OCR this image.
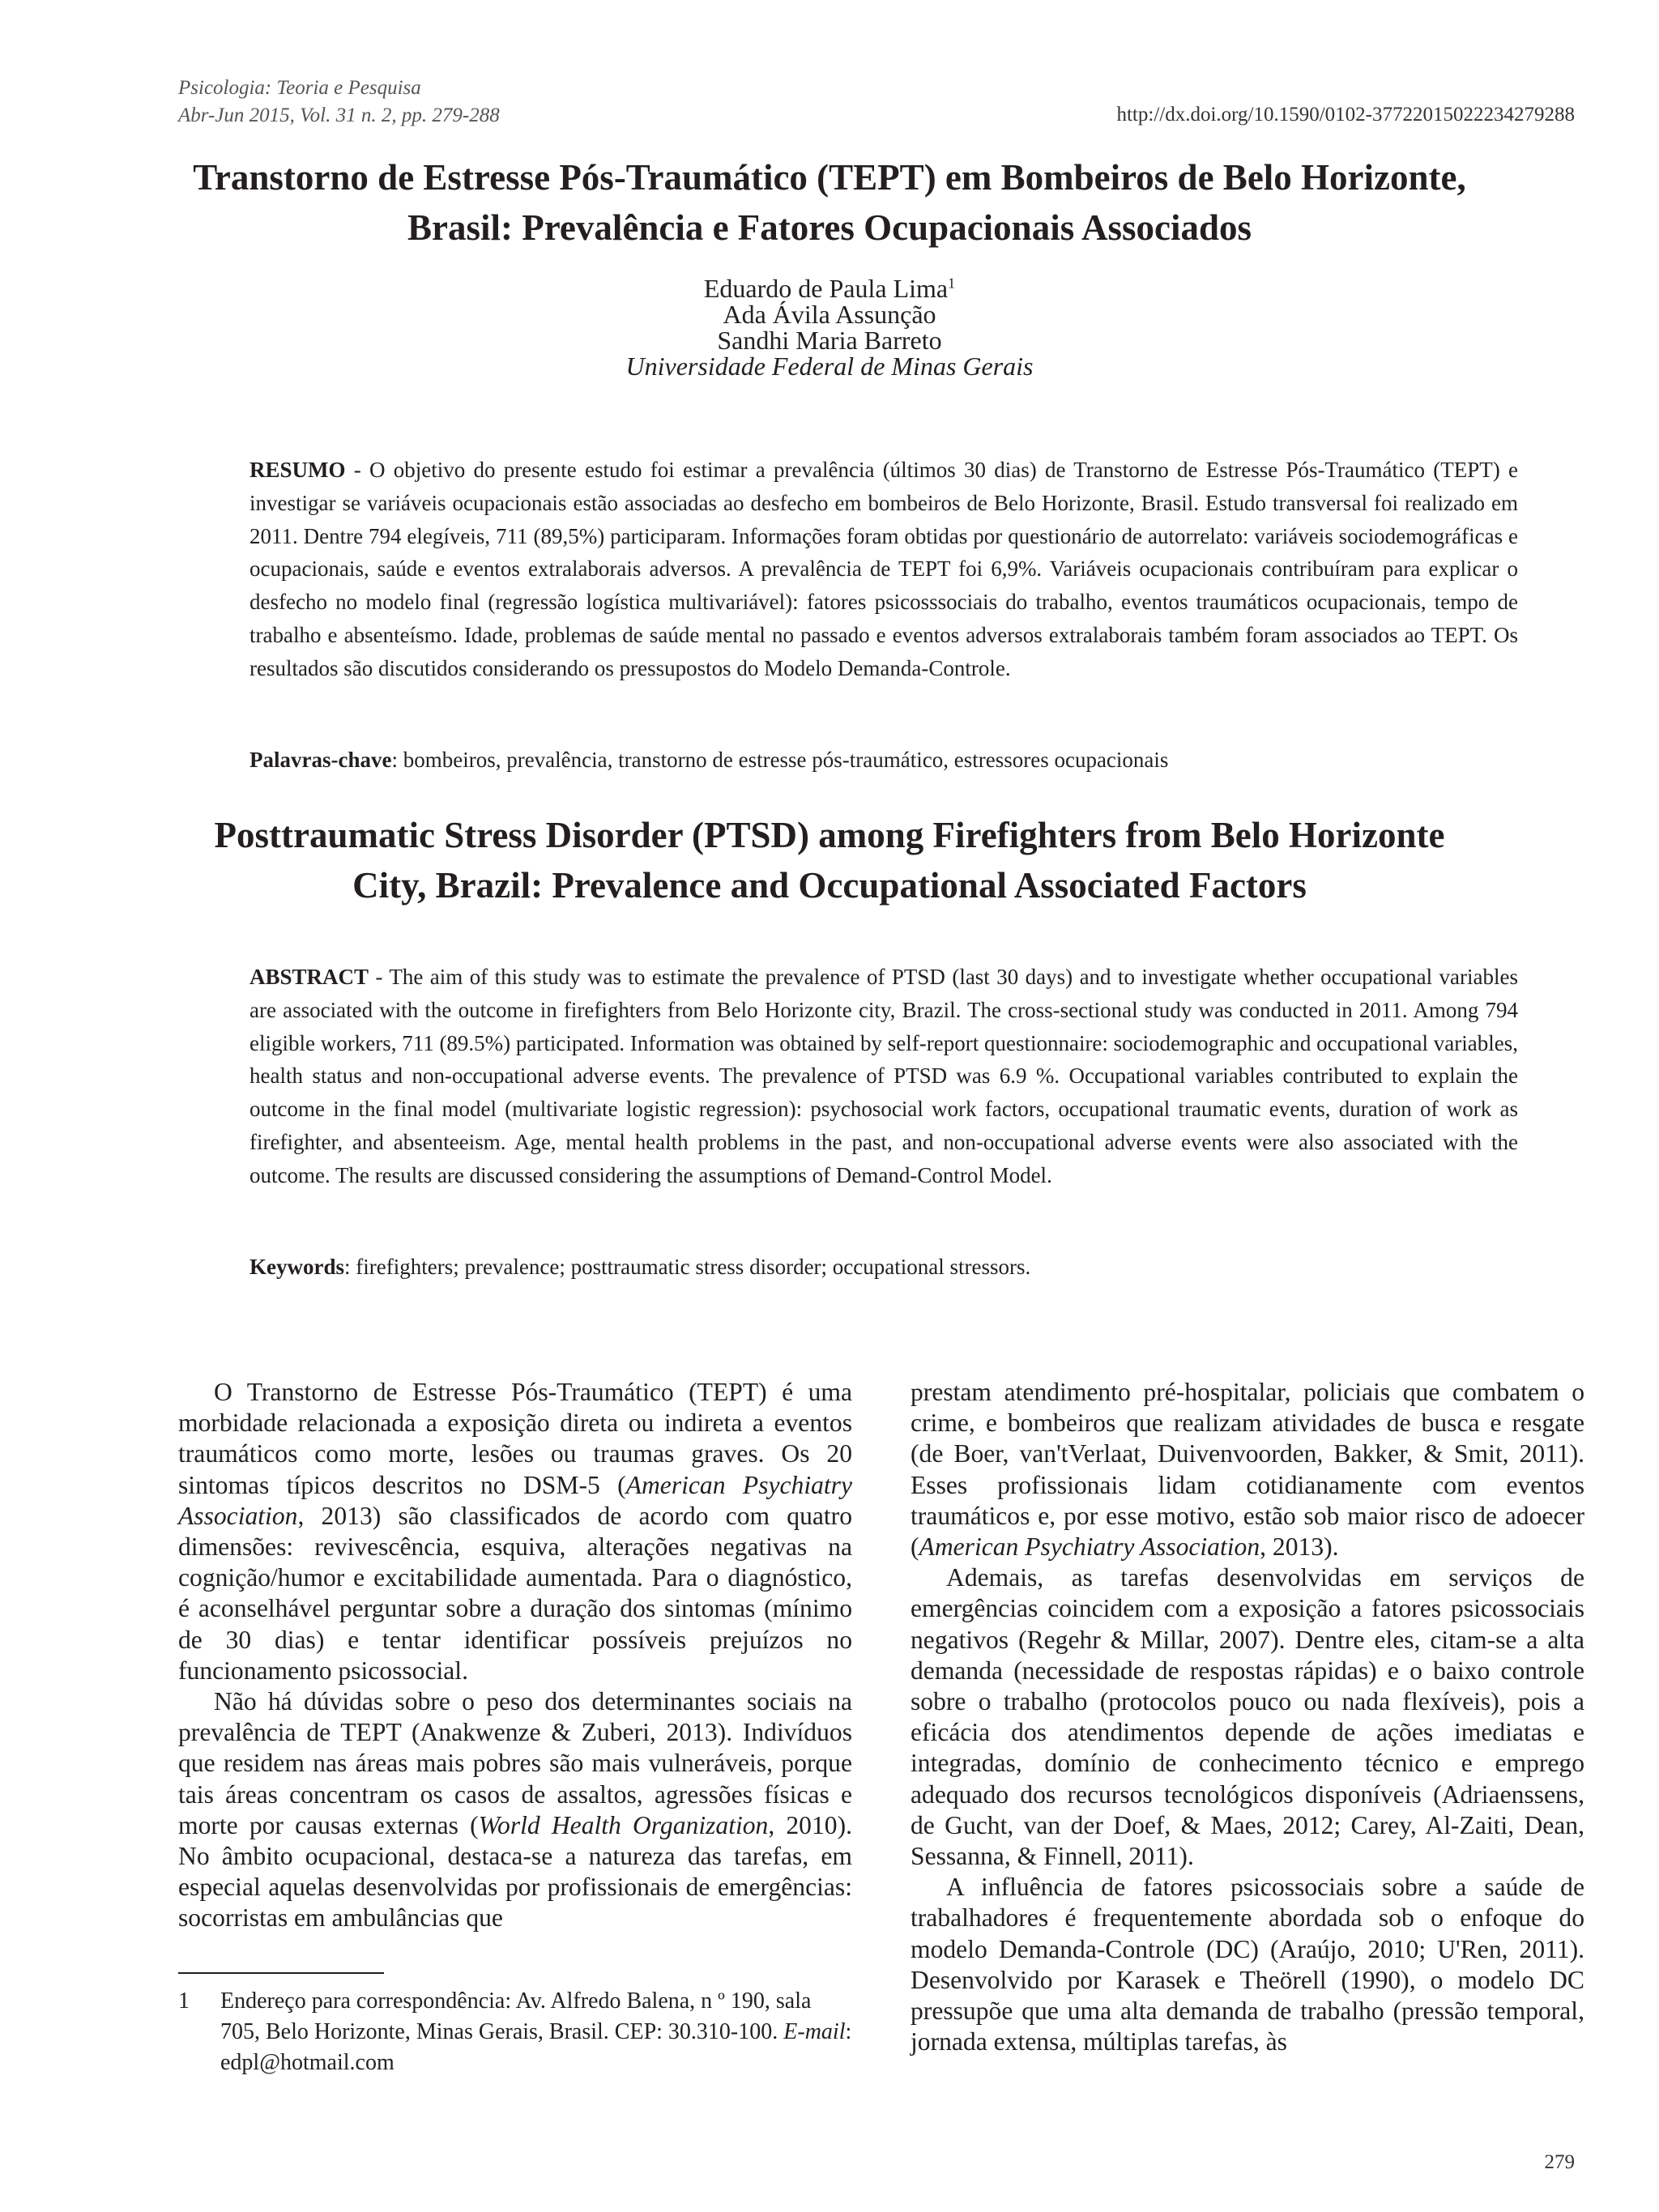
Psicologia: Teoria e Pesquisa
Abr-Jun 2015, Vol. 31 n. 2, pp. 279-288	http://dx.doi.org/10.1590/0102-37722015022234279288
Transtorno de Estresse Pós-Traumático (TEPT) em Bombeiros de Belo Horizonte,
Brasil: Prevalência e Fatores Ocupacionais Associados
Eduardo de Paula Lima$^1$
Ada Ávila Assunção
Sandhi Maria Barreto
Universidade Federal de Minas Gerais
RESUMO - O objetivo do presente estudo foi estimar a prevalência (últimos 30 dias) de Transtorno de Estresse Pós-Traumático (TEPT) e investigar se variáveis ocupacionais estão associadas ao desfecho em bombeiros de Belo Horizonte, Brasil. Estudo transversal foi realizado em 2011. Dentre 794 elegíveis, 711 (89,5%) participaram. Informações foram obtidas por questionário de autorrelato: variáveis sociodemográficas e ocupacionais, saúde e eventos extralaborais adversos. A prevalência de TEPT foi 6,9%. Variáveis ocupacionais contribuíram para explicar o desfecho no modelo final (regressão logística multivariável): fatores psicosssociais do trabalho, eventos traumáticos ocupacionais, tempo de trabalho e absenteísmo. Idade, problemas de saúde mental no passado e eventos adversos extralaborais também foram associados ao TEPT. Os resultados são discutidos considerando os pressupostos do Modelo Demanda-Controle.
Palavras-chave: bombeiros, prevalência, transtorno de estresse pós-traumático, estressores ocupacionais
Posttraumatic Stress Disorder (PTSD) among Firefighters from Belo Horizonte
City, Brazil: Prevalence and Occupational Associated Factors
ABSTRACT - The aim of this study was to estimate the prevalence of PTSD (last 30 days) and to investigate whether occupational variables are associated with the outcome in firefighters from Belo Horizonte city, Brazil. The cross-sectional study was conducted in 2011. Among 794 eligible workers, 711 (89.5%) participated. Information was obtained by self-report questionnaire: sociodemographic and occupational variables, health status and non-occupational adverse events. The prevalence of PTSD was 6.9 %. Occupational variables contributed to explain the outcome in the final model (multivariate logistic regression): psychosocial work factors, occupational traumatic events, duration of work as firefighter, and absenteeism. Age, mental health problems in the past, and non-occupational adverse events were also associated with the outcome. The results are discussed considering the assumptions of Demand-Control Model.
Keywords: firefighters; prevalence; posttraumatic stress disorder; occupational stressors.

O Transtorno de Estresse Pós-Traumático (TEPT) é uma morbidade relacionada a exposição direta ou indireta a eventos traumáticos como morte, lesões ou traumas graves. Os 20 sintomas típicos descritos no DSM-5 (American Psychiatry Association, 2013) são classificados de acordo com quatro dimensões: revivescência, esquiva, alterações negativas na cognição/humor e excitabilidade aumentada. Para o diagnóstico, é aconselhável perguntar sobre a duração dos sintomas (mínimo de 30 dias) e tentar identificar possíveis prejuízos no funcionamento psicossocial.

Não há dúvidas sobre o peso dos determinantes sociais na prevalência de TEPT (Anakwenze & Zuberi, 2013). Indivíduos que residem nas áreas mais pobres são mais vulneráveis, porque tais áreas concentram os casos de assaltos, agressões físicas e morte por causas externas (World Health Organization, 2010). No âmbito ocupacional, destaca-se a natureza das tarefas, em especial aquelas desenvolvidas por profissionais de emergências: socorristas em ambulâncias que

prestam atendimento pré-hospitalar, policiais que combatem o crime, e bombeiros que realizam atividades de busca e resgate (de Boer, van'tVerlaat, Duivenvoorden, Bakker, & Smit, 2011). Esses profissionais lidam cotidianamente com eventos traumáticos e, por esse motivo, estão sob maior risco de adoecer (American Psychiatry Association, 2013).

Ademais, as tarefas desenvolvidas em serviços de emergências coincidem com a exposição a fatores psicossociais negativos (Regehr & Millar, 2007). Dentre eles, citam-se a alta demanda (necessidade de respostas rápidas) e o baixo controle sobre o trabalho (protocolos pouco ou nada flexíveis), pois a eficácia dos atendimentos depende de ações imediatas e integradas, domínio de conhecimento técnico e emprego adequado dos recursos tecnológicos disponíveis (Adriaenssens, de Gucht, van der Doef, & Maes, 2012; Carey, Al-Zaiti, Dean, Sessanna, & Finnell, 2011).

A influência de fatores psicossociais sobre a saúde de trabalhadores é frequentemente abordada sob o enfoque do modelo Demanda-Controle (DC) (Araújo, 2010; U'Ren, 2011). Desenvolvido por Karasek e Theörell (1990), o modelo DC pressupõe que uma alta demanda de trabalho (pressão temporal, jornada extensa, múltiplas tarefas, às

1	Endereço para correspondência: Av. Alfredo Balena, n º 190, sala 705, Belo Horizonte, Minas Gerais, Brasil. CEP: 30.310-100. E-mail: edpl@hotmail.com
279
